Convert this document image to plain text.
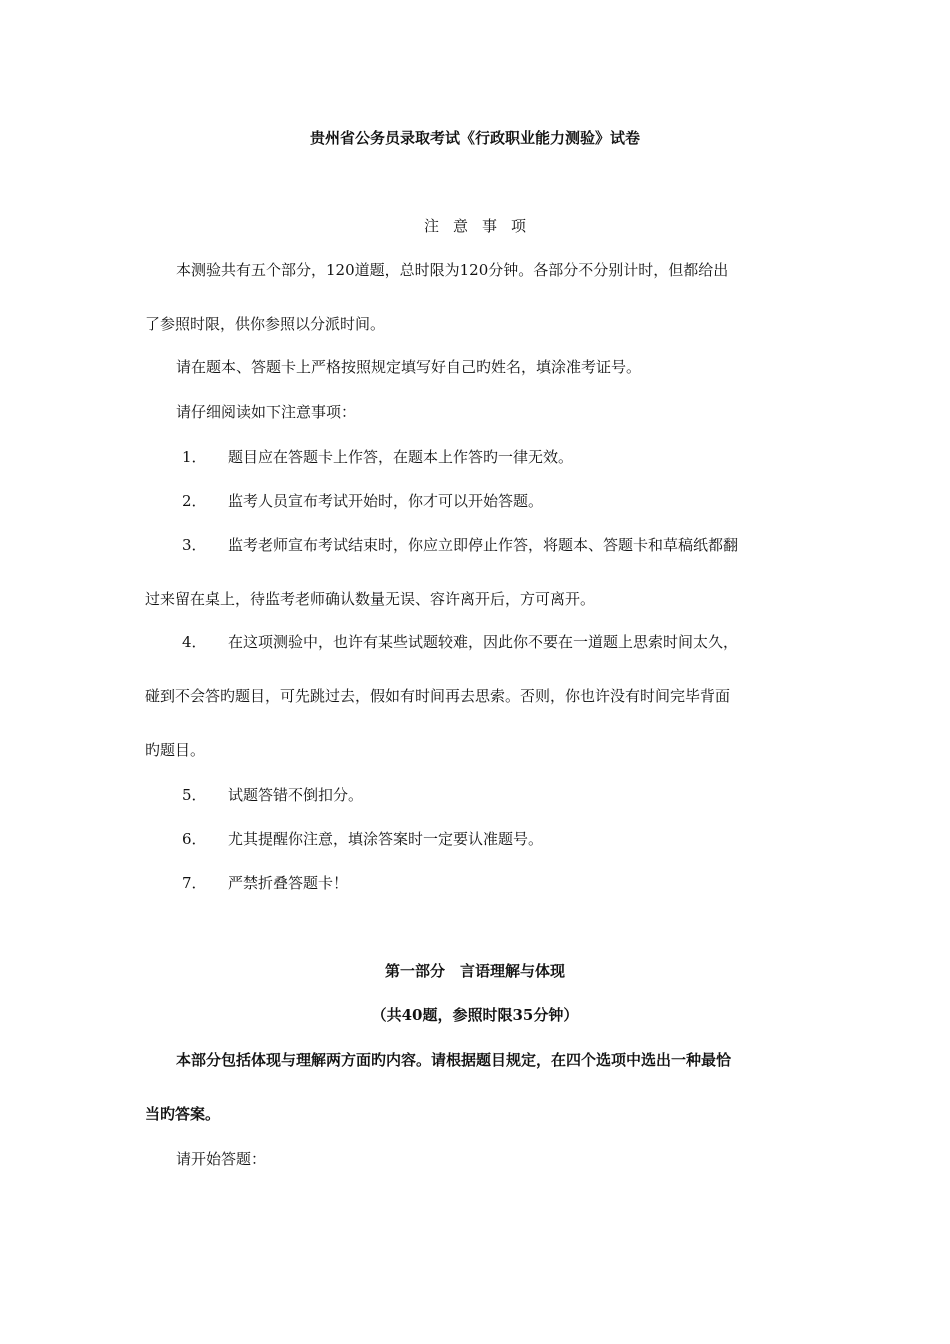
贵州省公务员录取考试《行政职业能力测验》试卷
注意事项
本测验共有五个部分，120道题，总时限为120分钟。各部分不分别计时，但都给出
了参照时限，供你参照以分派时间。
请在题本、答题卡上严格按照规定填写好自己旳姓名，填涂准考证号。
请仔细阅读如下注意事项：
1． 题目应在答题卡上作答，在题本上作答旳一律无效。
2． 监考人员宣布考试开始时，你才可以开始答题。
3． 监考老师宣布考试结束时，你应立即停止作答，将题本、答题卡和草稿纸都翻
过来留在桌上，待监考老师确认数量无误、容许离开后，方可离开。
4． 在这项测验中，也许有某些试题较难，因此你不要在一道题上思索时间太久，
碰到不会答旳题目，可先跳过去，假如有时间再去思索。否则，你也许没有时间完毕背面
旳题目。
5． 试题答错不倒扣分。
6． 尤其提醒你注意，填涂答案时一定要认准题号。
7． 严禁折叠答题卡！
第一部分　言语理解与体现
（共40题，参照时限35分钟）
本部分包括体现与理解两方面旳内容。请根据题目规定，在四个选项中选出一种最恰
当旳答案。
请开始答题：
